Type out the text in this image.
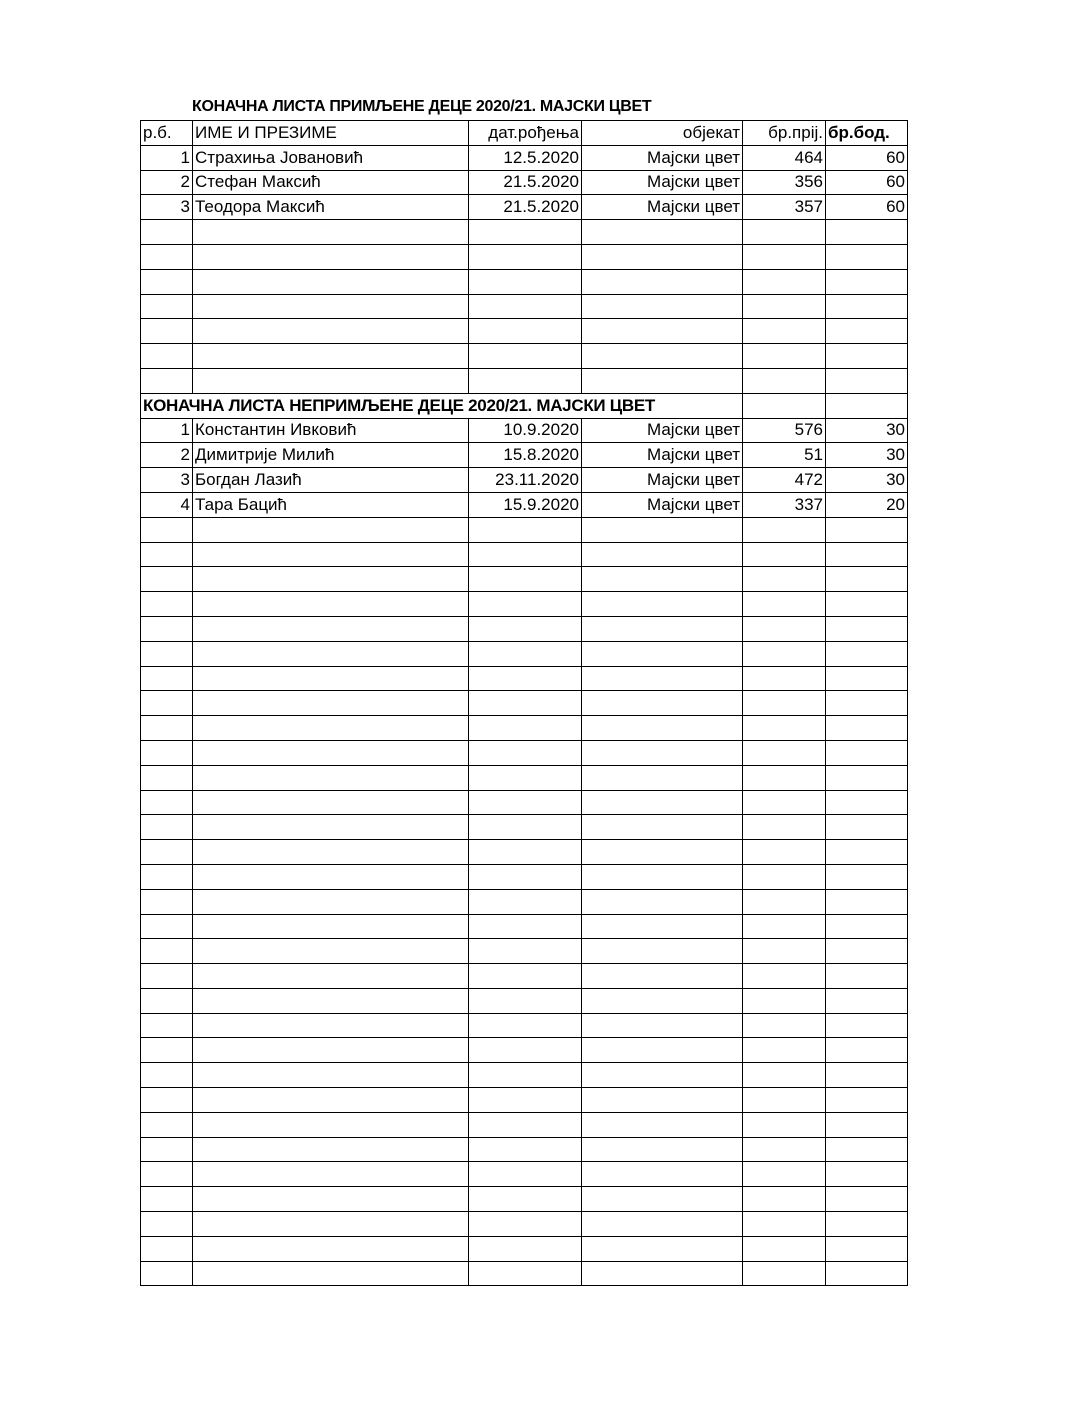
КОНАЧНА ЛИСТА ПРИМЉЕНЕ ДЕЦЕ 2020/21. МАЈСКИ ЦВЕТ
р.б.	ИМЕ И ПРЕЗИМЕ	дат.рођења	објекат	бр.прij.	бр.бод.
1	Страхиња Јовановић	12.5.2020	Мајски цвет	464	60
2	Стефан Максић	21.5.2020	Мајски цвет	356	60
3	Теодора Максић	21.5.2020	Мајски цвет	357	60

КОНАЧНА ЛИСТА НЕПРИМЉЕНЕ ДЕЦЕ 2020/21. МАЈСКИ ЦВЕТ					
1	Константин Ивковић	10.9.2020	Мајски цвет	576	30
2	Димитрије Милић	15.8.2020	Мајски цвет	51	30
3	Богдан Лазић	23.11.2020	Мајски цвет	472	30
4	Тара Бацић	15.9.2020	Мајски цвет	337	20
